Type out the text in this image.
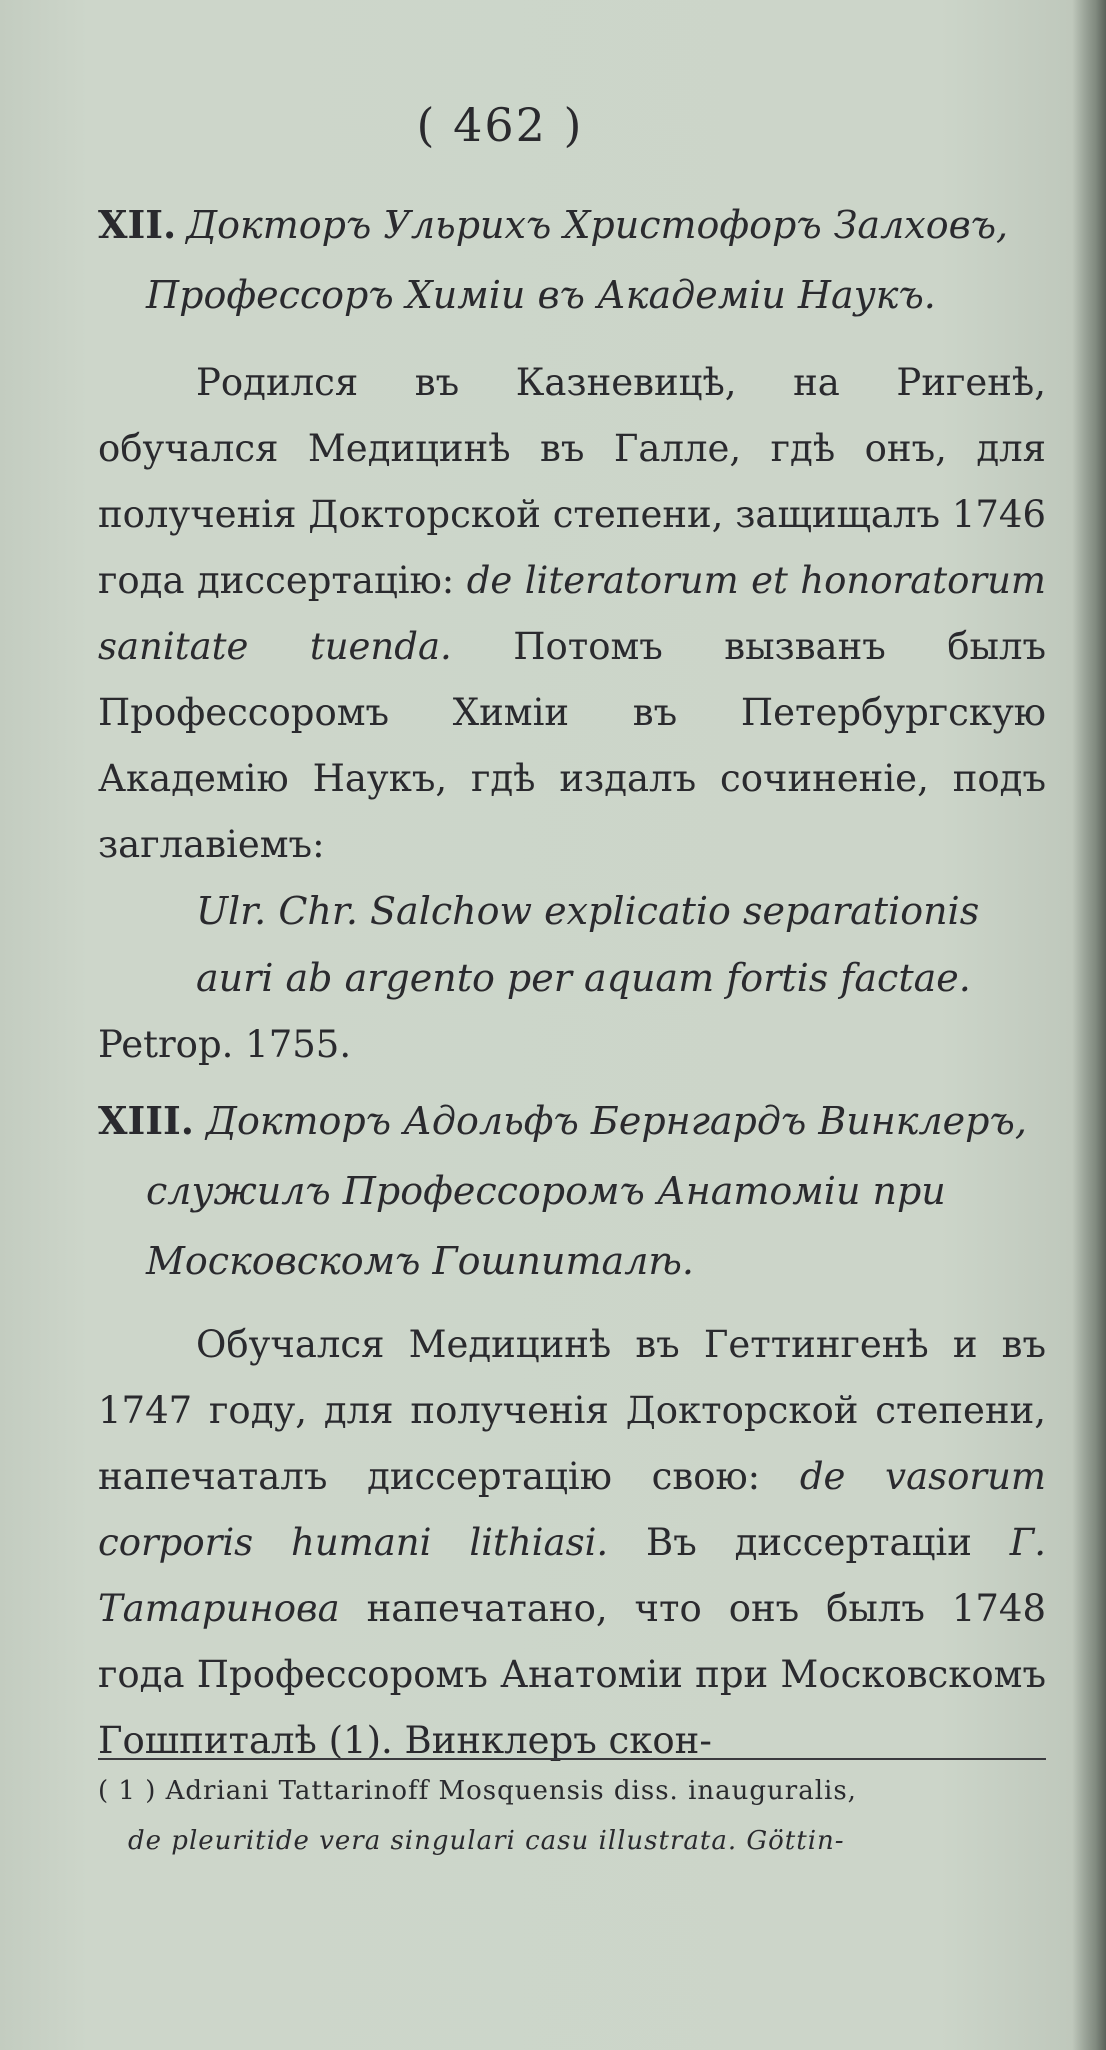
( 462 )

XII. Докторъ Ульрихъ Христофоръ Залховъ,
Профессоръ Химіи въ Академіи Наукъ.

Родился въ Казневицѣ, на Ригенѣ, обучался Медицинѣ въ Галле, гдѣ онъ, для полученія Докторской степени, защищалъ 1746 года диссертацію: de literatorum et honoratorum sanitate tuenda. Потомъ вызванъ былъ Профессоромъ Химіи въ Петербургскую Академію Наукъ, гдѣ издалъ сочиненіе, подъ заглавіемъ:

Ulr. Chr. Salchow explicatio separationis auri ab argento per aquam fortis factae.

Petrop. 1755.

XIII. Докторъ Адольфъ Бернгардъ Винклеръ,
служилъ Профессоромъ Анатоміи при
Московскомъ Гошпиталѣ.

Обучался Медицинѣ въ Геттингенѣ и въ 1747 году, для полученія Докторской степени, напечаталъ диссертацію свою: de vasorum corporis humani lithiasi. Въ диссертаціи Г. Татаринова напечатано, что онъ былъ 1748 года Профессоромъ Анатоміи при Московскомъ Гошпиталѣ (1). Винклеръ скон-

( 1 ) Adriani Tattarinoff Mosquensis diss. inauguralis,
de pleuritide vera singulari casu illustrata. Göttin-
